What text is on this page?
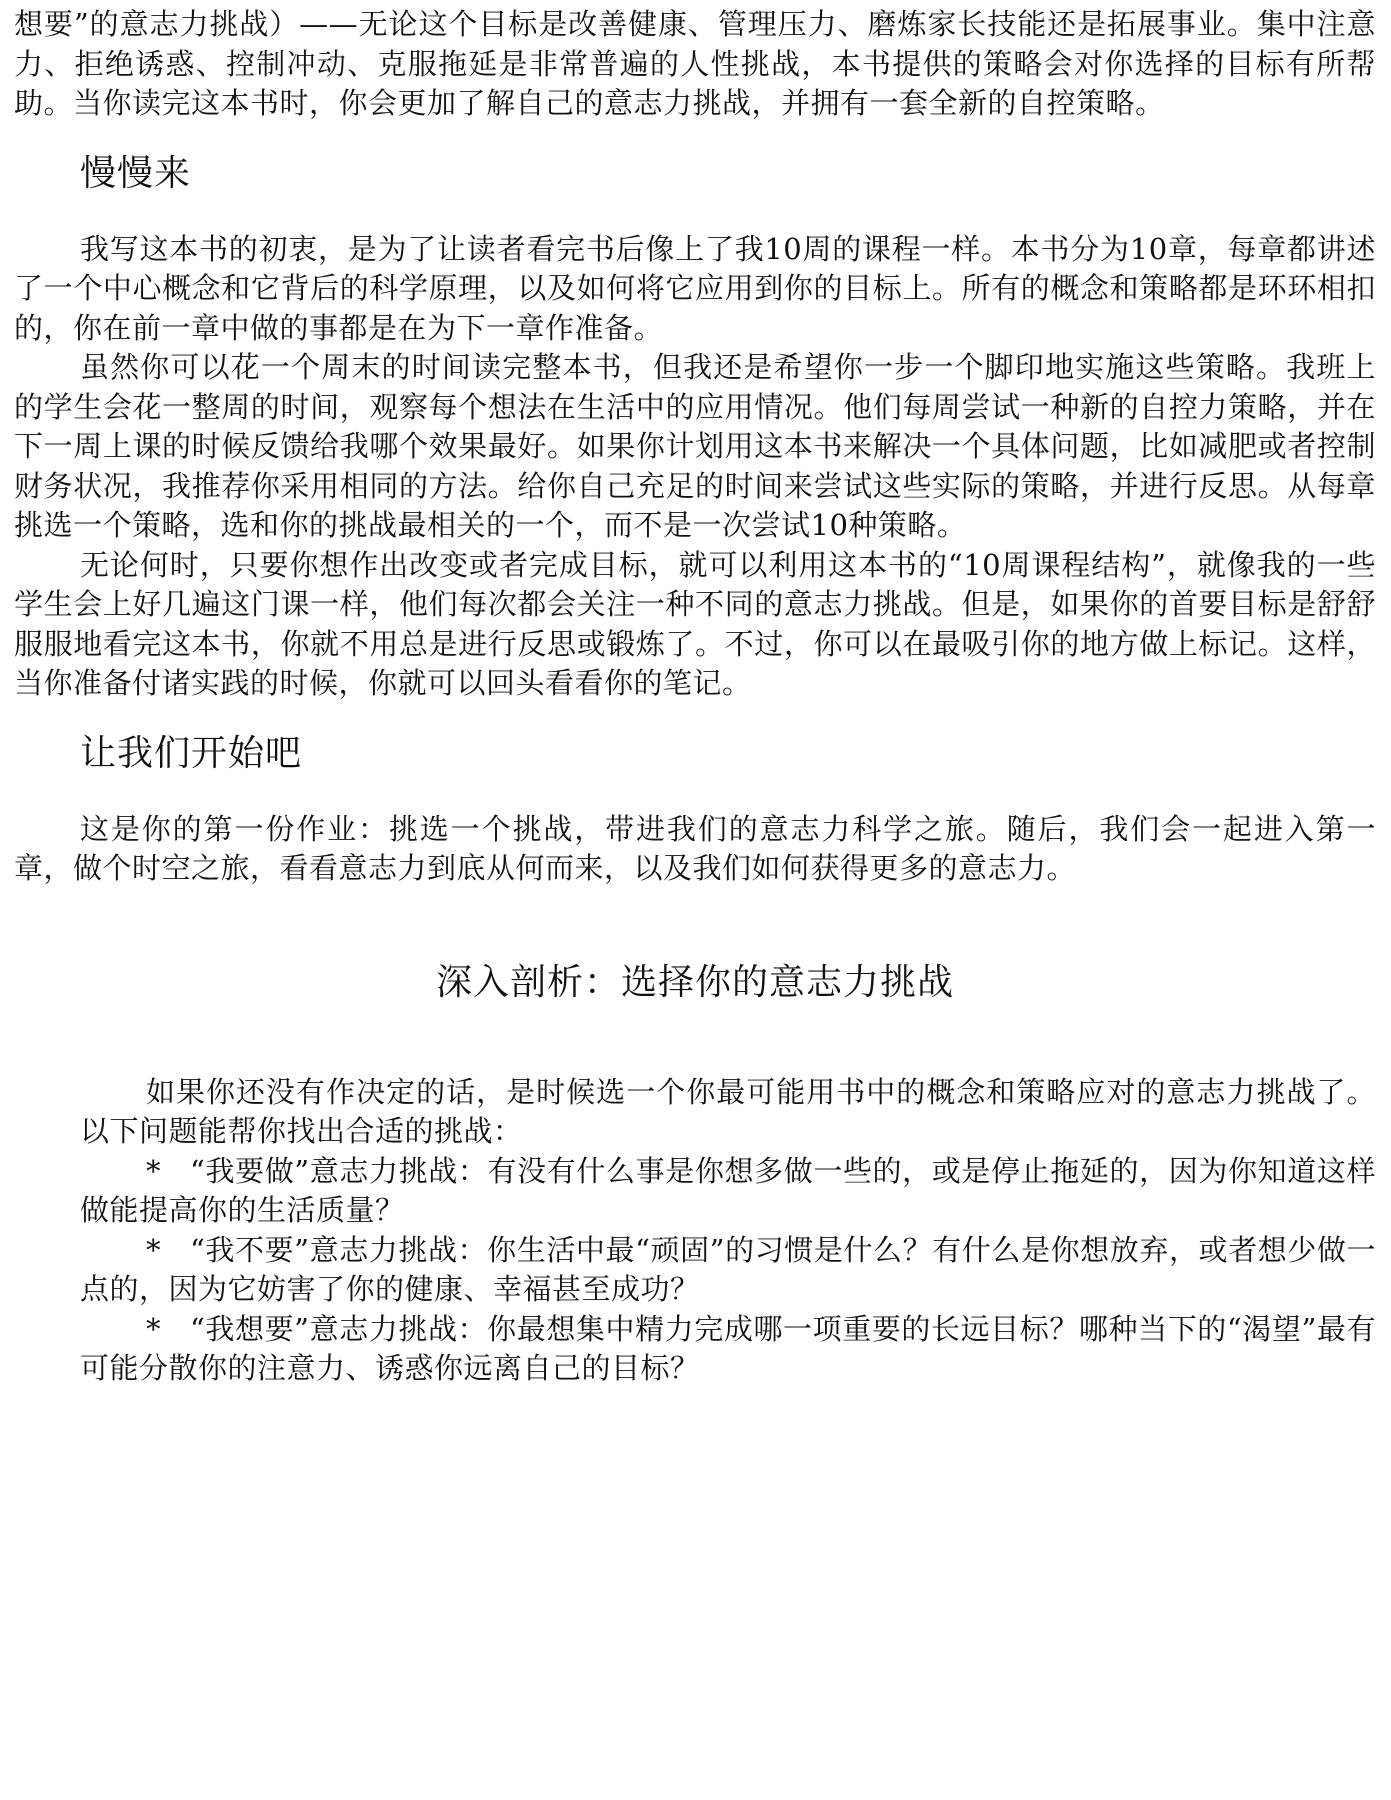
想要”的意志力挑战）——无论这个目标是改善健康、管理压力、磨炼家长技能还是拓展事业。集中注意力、拒绝诱惑、控制冲动、克服拖延是非常普遍的人性挑战，本书提供的策略会对你选择的目标有所帮助。当你读完这本书时，你会更加了解自己的意志力挑战，并拥有一套全新的自控策略。

慢慢来

我写这本书的初衷，是为了让读者看完书后像上了我10周的课程一样。本书分为10章，每章都讲述了一个中心概念和它背后的科学原理，以及如何将它应用到你的目标上。所有的概念和策略都是环环相扣的，你在前一章中做的事都是在为下一章作准备。

虽然你可以花一个周末的时间读完整本书，但我还是希望你一步一个脚印地实施这些策略。我班上的学生会花一整周的时间，观察每个想法在生活中的应用情况。他们每周尝试一种新的自控力策略，并在下一周上课的时候反馈给我哪个效果最好。如果你计划用这本书来解决一个具体问题，比如减肥或者控制财务状况，我推荐你采用相同的方法。给你自己充足的时间来尝试这些实际的策略，并进行反思。从每章挑选一个策略，选和你的挑战最相关的一个，而不是一次尝试10种策略。

无论何时，只要你想作出改变或者完成目标，就可以利用这本书的“10周课程结构”，就像我的一些学生会上好几遍这门课一样，他们每次都会关注一种不同的意志力挑战。但是，如果你的首要目标是舒舒服服地看完这本书，你就不用总是进行反思或锻炼了。不过，你可以在最吸引你的地方做上标记。这样，当你准备付诸实践的时候，你就可以回头看看你的笔记。

让我们开始吧

这是你的第一份作业：挑选一个挑战，带进我们的意志力科学之旅。随后，我们会一起进入第一章，做个时空之旅，看看意志力到底从何而来，以及我们如何获得更多的意志力。

深入剖析：选择你的意志力挑战

如果你还没有作决定的话，是时候选一个你最可能用书中的概念和策略应对的意志力挑战了。以下问题能帮你找出合适的挑战：

* “我要做”意志力挑战：有没有什么事是你想多做一些的，或是停止拖延的，因为你知道这样做能提高你的生活质量？

* “我不要”意志力挑战：你生活中最“顽固”的习惯是什么？有什么是你想放弃，或者想少做一点的，因为它妨害了你的健康、幸福甚至成功？

* “我想要”意志力挑战：你最想集中精力完成哪一项重要的长远目标？哪种当下的“渴望”最有可能分散你的注意力、诱惑你远离自己的目标？
